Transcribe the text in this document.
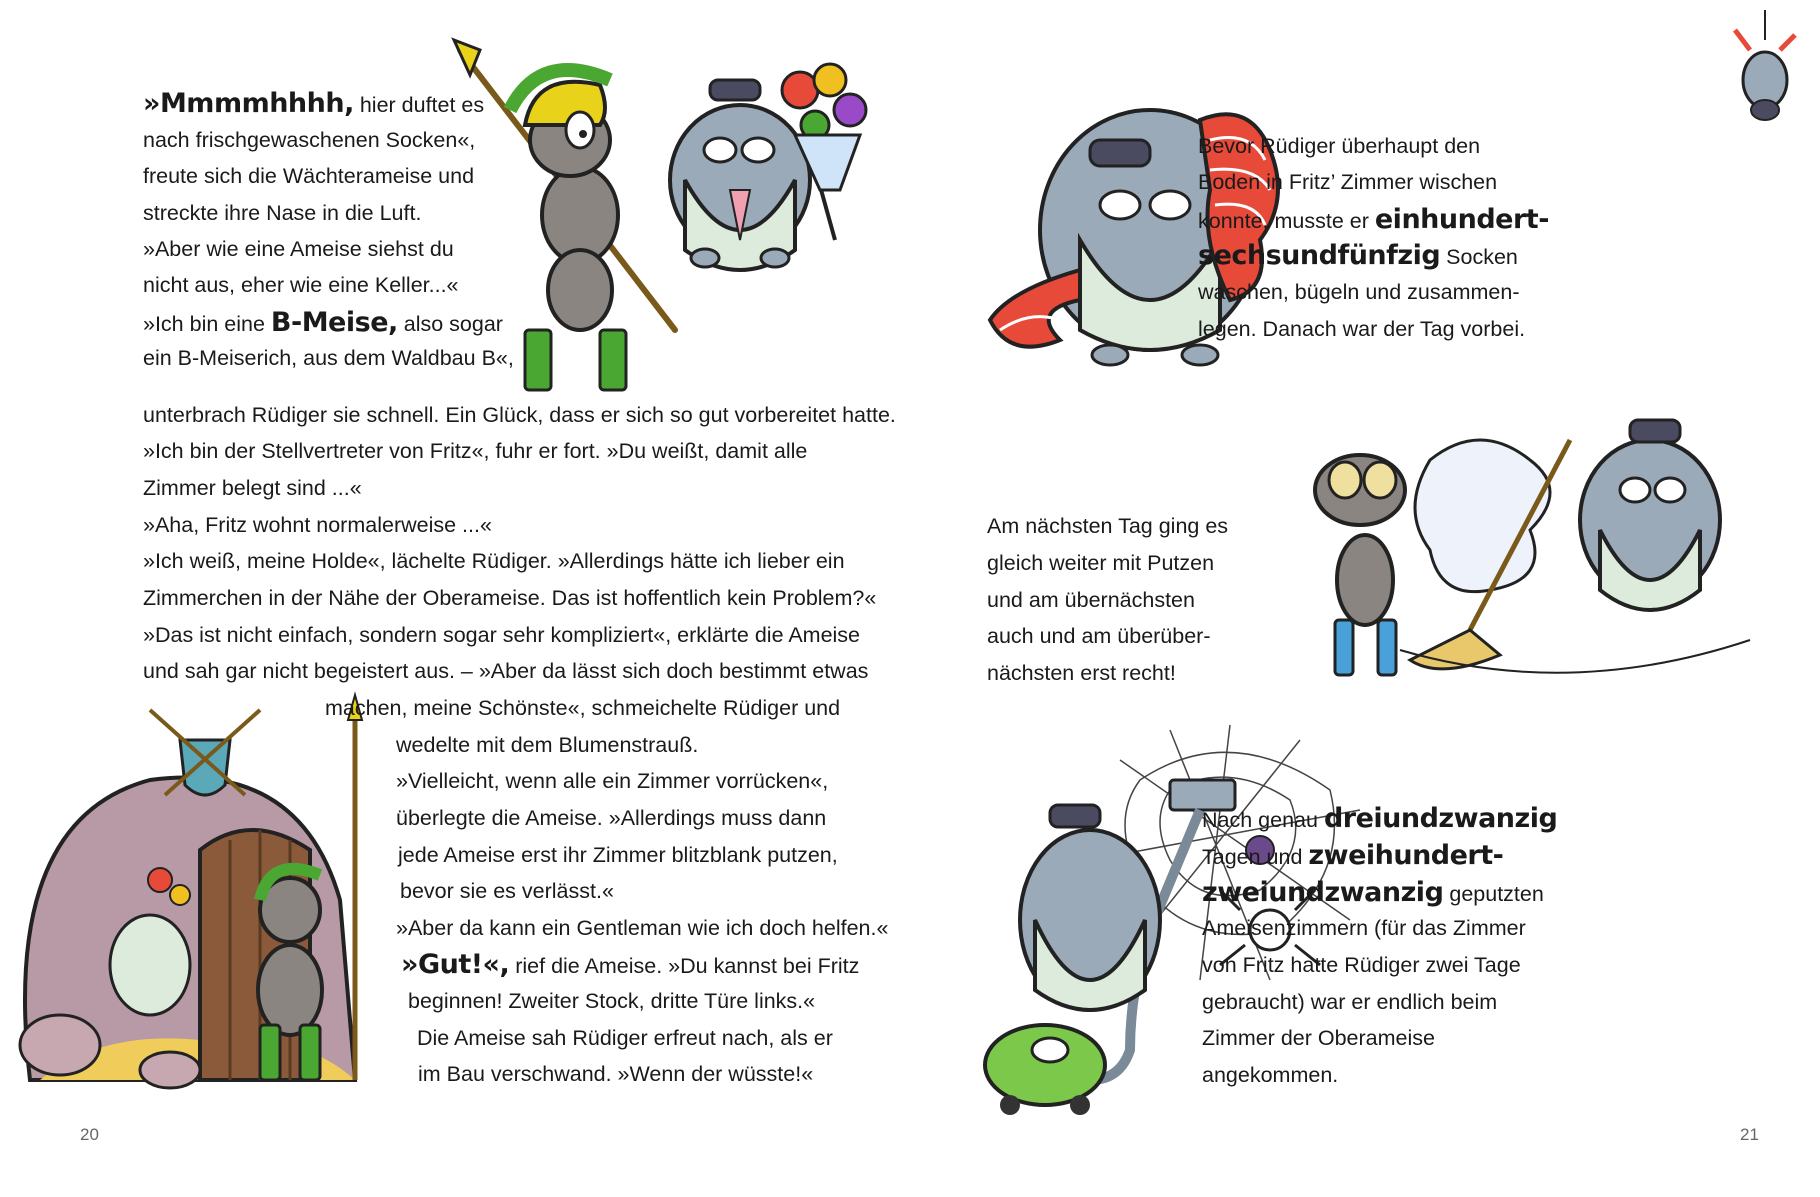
»Mmmmhhhh, hier duftet es
nach frischgewaschenen Socken«,
freute sich die Wächterameise und
streckte ihre Nase in die Luft.
»Aber wie eine Ameise siehst du
nicht aus, eher wie eine Keller...«
»Ich bin eine B-Meise, also sogar
ein B-Meiserich, aus dem Waldbau B«,
unterbrach Rüdiger sie schnell. Ein Glück, dass er sich so gut vorbereitet hatte.
»Ich bin der Stellvertreter von Fritz«, fuhr er fort. »Du weißt, damit alle
Zimmer belegt sind ...«
»Aha, Fritz wohnt normalerweise ...«
»Ich weiß, meine Holde«, lächelte Rüdiger. »Allerdings hätte ich lieber ein
Zimmerchen in der Nähe der Oberameise. Das ist hoffentlich kein Problem?«
»Das ist nicht einfach, sondern sogar sehr kompliziert«, erklärte die Ameise
und sah gar nicht begeistert aus. – »Aber da lässt sich doch bestimmt etwas
machen, meine Schönste«, schmeichelte Rüdiger und
wedelte mit dem Blumenstrauß.
»Vielleicht, wenn alle ein Zimmer vorrücken«,
überlegte die Ameise. »Allerdings muss dann
jede Ameise erst ihr Zimmer blitzblank putzen,
bevor sie es verlässt.«
»Aber da kann ein Gentleman wie ich doch helfen.«
»Gut!«, rief die Ameise. »Du kannst bei Fritz
beginnen! Zweiter Stock, dritte Türe links.«
Die Ameise sah Rüdiger erfreut nach, als er
im Bau verschwand. »Wenn der wüsste!«
20
Bevor Rüdiger überhaupt den
Boden in Fritz’ Zimmer wischen
konnte, musste er einhundert-
sechsundfünfzig Socken
waschen, bügeln und zusammen-
legen. Danach war der Tag vorbei.
Am nächsten Tag ging es
gleich weiter mit Putzen
und am übernächsten
auch und am überüber-
nächsten erst recht!
Nach genau dreiundzwanzig
Tagen und zweihundert-
zweiundzwanzig geputzten
Ameisenzimmern (für das Zimmer
von Fritz hatte Rüdiger zwei Tage
gebraucht) war er endlich beim
Zimmer der Oberameise
angekommen.
21
